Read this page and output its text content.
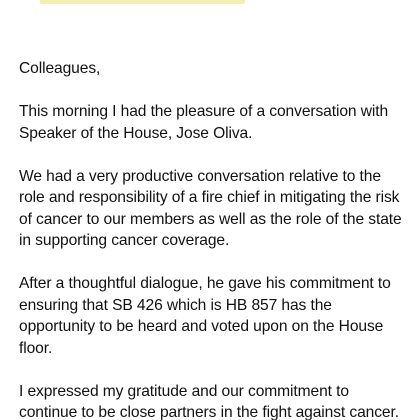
Colleagues,

This morning I had the pleasure of a conversation with
Speaker of the House, Jose Oliva.

We had a very productive conversation relative to the
role and responsibility of a fire chief in mitigating the risk
of cancer to our members as well as the role of the state
in supporting cancer coverage.

After a thoughtful dialogue, he gave his commitment to
ensuring that SB 426 which is HB 857 has the
opportunity to be heard and voted upon on the House
floor.

I expressed my gratitude and our commitment to
continue to be close partners in the fight against cancer.
